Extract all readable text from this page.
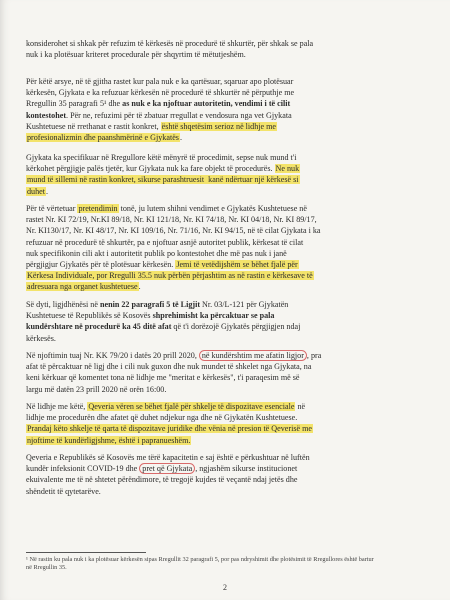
konsiderohet si shkak për refuzim të kërkesës në procedurë të shkurtër, për shkak se pala
nuk i ka plotësuar kriteret procedurale për shqyrtim të mëtutjeshëm.
Për këtë arsye, në të gjitha rastet kur pala nuk e ka qartësuar, sqaruar apo plotësuar
kërkesën, Gjykata e ka refuzuar kërkesën në procedurë të shkurtër në përputhje me
Rregullin 35 paragrafi 5¹ dhe as nuk e ka njoftuar autoritetin, vendimi i të cilit
kontestohet. Për ne, refuzimi për të zbatuar rregullat e vendosura nga vet Gjykata
Kushtetuese në rrethanat e rastit konkret, është shqetësim serioz në lidhje me
profesionalizmin dhe paanshmërinë e Gjykatës.
Gjykata ka specifikuar në Rregullore këtë mënyrë të procedimit, sepse nuk mund t'i
kërkohet përgjigje palës tjetër, kur Gjykata nuk ka fare objekt të procedurës. Ne nuk
mund të sillemi në rastin konkret, sikurse parashtruesit kanë ndërtuar një kërkesë si
duhet.
Për të vërtetuar pretendimin tonë, ju lutem shihni vendimet e Gjykatës Kushtetuese në
rastet Nr. KI 72/19, Nr.KI 89/18, Nr. KI 121/18, Nr. KI 74/18, Nr. KI 04/18, Nr. KI 89/17,
Nr. KI130/17, Nr. KI 48/17, Nr. KI 109/16, Nr. 71/16, Nr. KI 94/15, në të cilat Gjykata i ka
refuzuar në procedurë të shkurtër, pa e njoftuar asnjë autoritet publik, kërkesat të cilat
nuk specifikonin cili akt i autoritetit publik po kontestohet dhe më pas nuk i janë
përgjigjur Gjykatës për të plotësuar kërkesën. Jemi të vetëdijshëm se bëhet fjalë për
Kërkesa Individuale, por Rregulli 35.5 nuk përbën përjashtim as në rastin e kërkesave të
adresuara nga organet kushtetuese.
Së dyti, ligjdhënësi në nenin 22 paragrafi 5 të Ligjit Nr. 03/L-121 për Gjykatën
Kushtetuese të Republikës së Kosovës shprehimisht ka përcaktuar se pala
kundërshtare në procedurë ka 45 ditë afat që t'i dorëzojë Gjykatës përgjigjen ndaj
kërkesës.
Në njoftimin tuaj Nr. KK 79/20 i datës 20 prill 2020, në kundërshtim me afatin ligjor , pra
afat të përcaktuar në ligj dhe i cili nuk guxon dhe nuk mundet të shkelet nga Gjykata, na
keni kërkuar që komentet tona në lidhje me "meritat e kërkesës", t'i paraqesim më së
largu më datën 23 prill 2020 në orën 16:00.
Në lidhje me këtë, Qeveria vëren se bëhet fjalë për shkelje të dispozitave esenciale në
lidhje me procedurën dhe afatet që duhet ndjekur nga dhe në Gjykatën Kushtetuese.
Prandaj këto shkelje të qarta të dispozitave juridike dhe vënia në presion të Qeverisë me
njoftime të kundërligjshme, është i papranueshëm.
Qeveria e Republikës së Kosovës me tërë kapacitetin e saj është e përkushtuar në luftën
kundër infeksionit COVID-19 dhe pret që Gjykata , ngjashëm sikurse institucionet
ekuivalente me të në shtetet përëndimore, të tregojë kujdes të veçantë ndaj jetës dhe
shëndetit të qytetarëve.
¹ Në rastin ku pala nuk i ka plotësuar kërkesën sipas Rregullit 32 paragrafi 5, por pas ndryshimit dhe plotësimit të Rregullores është bartur
në Rregullin 35.
2
